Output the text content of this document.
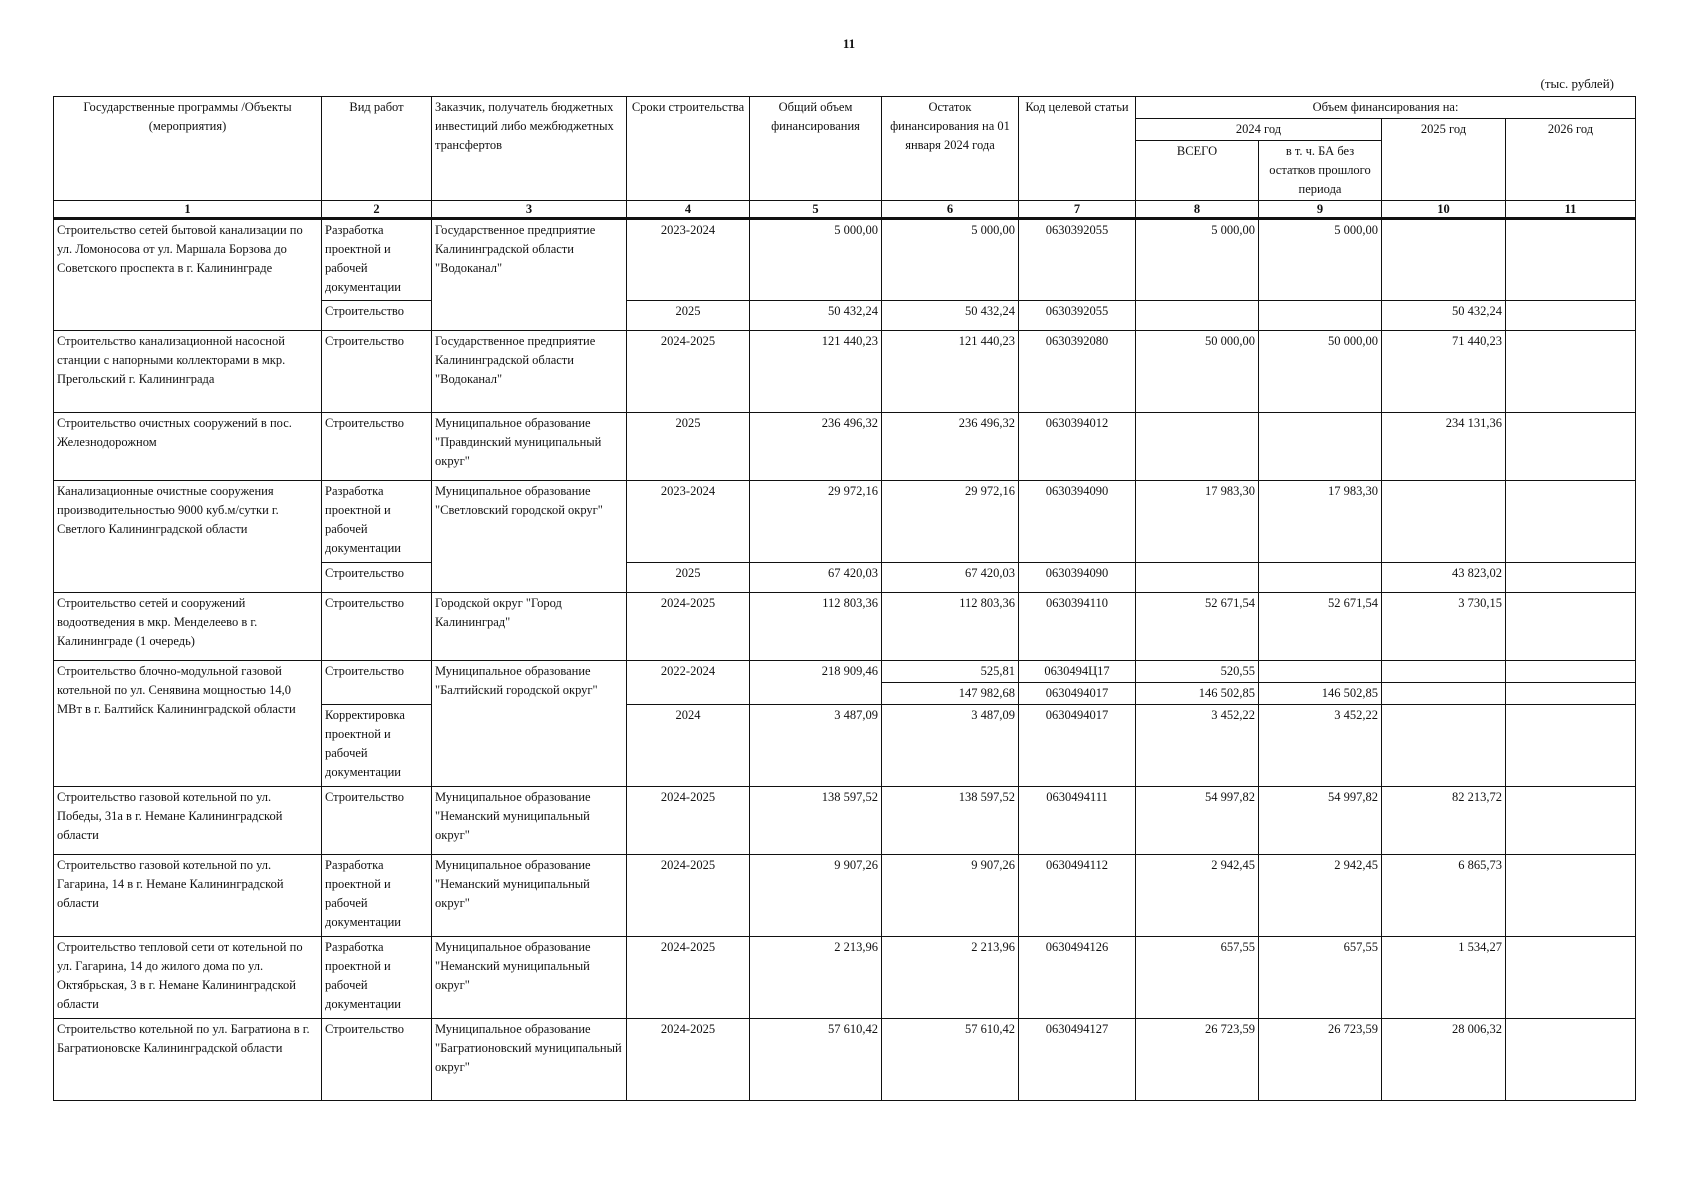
11
(тыс. рублей)
Государственные программы /Объекты (мероприятия)	Вид работ	Заказчик, получатель бюджетных инвестиций либо межбюджетных трансфертов	Сроки строительства	Общий объем финансирования	Остаток финансирования на 01 января 2024 года	Код целевой статьи	Объем финансирования на:			
							2024 год		2025 год	2026 год
							ВСЕГО	в т. ч. БА без остатков прошлого периода		
1	2	3	4	5	6	7	8	9	10	11
Строительство сетей бытовой канализации по ул. Ломоносова от ул. Маршала Борзова до Советского проспекта в г. Калининграде	Разработка проектной и рабочей документации	Государственное предприятие Калининградской области "Водоканал"	2023-2024	5 000,00	5 000,00	0630392055	5 000,00	5 000,00		
	Строительство		2025	50 432,24	50 432,24	0630392055			50 432,24	
Строительство канализационной насосной станции с напорными коллекторами в мкр. Прегольский г. Калининграда	Строительство	Государственное предприятие Калининградской области "Водоканал"	2024-2025	121 440,23	121 440,23	0630392080	50 000,00	50 000,00	71 440,23	
Строительство очистных сооружений в пос. Железнодорожном	Строительство	Муниципальное образование "Правдинский муниципальный округ"	2025	236 496,32	236 496,32	0630394012			234 131,36	
Канализационные очистные сооружения производительностью 9000 куб.м/сутки г. Светлого Калининградской области	Разработка проектной и рабочей документации	Муниципальное образование "Светловский городской округ"	2023-2024	29 972,16	29 972,16	0630394090	17 983,30	17 983,30		
	Строительство		2025	67 420,03	67 420,03	0630394090			43 823,02	
Строительство сетей и сооружений водоотведения в мкр. Менделеево в г. Калининграде (1 очередь)	Строительство	Городской округ "Город Калининград"	2024-2025	112 803,36	112 803,36	0630394110	52 671,54	52 671,54	3 730,15	
Строительство блочно-модульной газовой котельной по ул. Сенявина мощностью 14,0 МВт в г. Балтийск Калининградской области	Строительство	Муниципальное образование "Балтийский городской округ"	2022-2024	218 909,46	525,81	0630494Ц17	520,55			
					147 982,68	0630494017	146 502,85	146 502,85		
	Корректировка проектной и рабочей документации		2024	3 487,09	3 487,09	0630494017	3 452,22	3 452,22		
Строительство газовой котельной по ул. Победы, 31а в г. Немане Калининградской области	Строительство	Муниципальное образование "Неманский муниципальный округ"	2024-2025	138 597,52	138 597,52	0630494111	54 997,82	54 997,82	82 213,72	
Строительство газовой котельной по ул. Гагарина, 14 в г. Немане Калининградской области	Разработка проектной и рабочей документации	Муниципальное образование "Неманский муниципальный округ"	2024-2025	9 907,26	9 907,26	0630494112	2 942,45	2 942,45	6 865,73	
Строительство тепловой сети от котельной по ул. Гагарина, 14 до жилого дома по ул. Октябрьская, 3 в г. Немане Калининградской области	Разработка проектной и рабочей документации	Муниципальное образование "Неманский муниципальный округ"	2024-2025	2 213,96	2 213,96	0630494126	657,55	657,55	1 534,27	
Строительство котельной по ул. Багратиона в г. Багратионовске Калининградской области	Строительство	Муниципальное образование "Багратионовский муниципальный округ"	2024-2025	57 610,42	57 610,42	0630494127	26 723,59	26 723,59	28 006,32	
